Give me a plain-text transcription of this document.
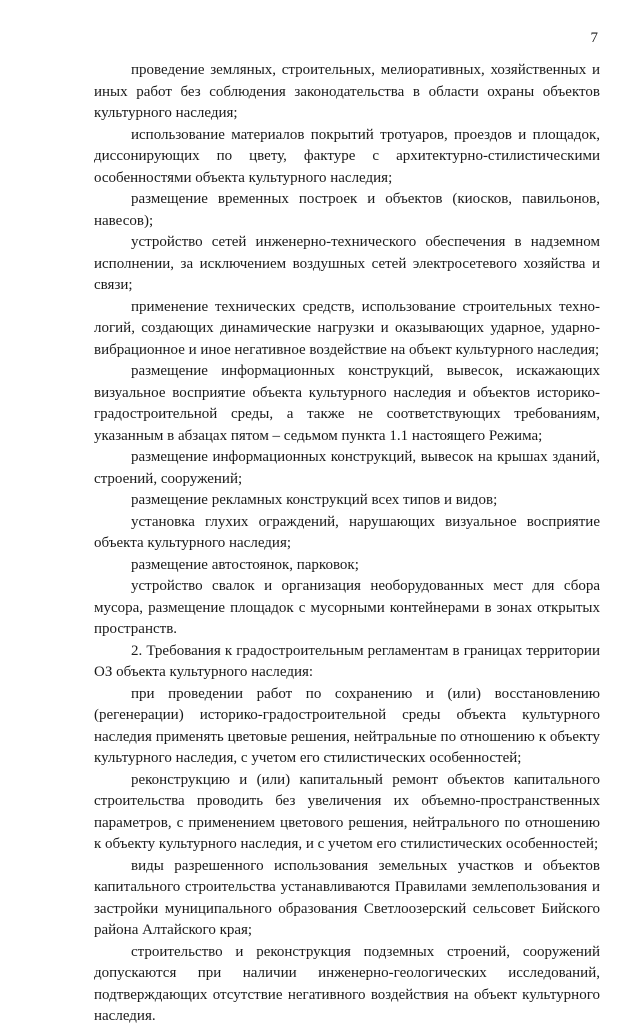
7

проведение земляных, строительных, мелиоративных, хозяйственных и иных работ без соблюдения законодательства в области охраны объектов культурного наследия;

использование материалов покрытий тротуаров, проездов и площадок, диссонирующих по цвету, фактуре с архитектурно-стилистическими особенностями объекта культурного наследия;

размещение временных построек и объектов (киосков, павильонов, навесов);

устройство сетей инженерно-технического обеспечения в надземном исполнении, за исключением воздушных сетей электросетевого хозяйства и связи;

применение технических средств, использование строительных технологий, создающих динамические нагрузки и оказывающих ударное, ударно-вибрационное и иное негативное воздействие на объект культурного наследия;

размещение информационных конструкций, вывесок, искажающих визуальное восприятие объекта культурного наследия и объектов историко-градостроительной среды, а также не соответствующих требованиям, указанным в абзацах пятом – седьмом пункта 1.1 настоящего Режима;

размещение информационных конструкций, вывесок на крышах зданий, строений, сооружений;

размещение рекламных конструкций всех типов и видов;

установка глухих ограждений, нарушающих визуальное восприятие объекта культурного наследия;

размещение автостоянок, парковок;

устройство свалок и организация необорудованных мест для сбора мусора, размещение площадок с мусорными контейнерами в зонах открытых пространств.

2. Требования к градостроительным регламентам в границах территории ОЗ объекта культурного наследия:

при проведении работ по сохранению и (или) восстановлению (регенерации) историко-градостроительной среды объекта культурного наследия применять цветовые решения, нейтральные по отношению к объекту культурного наследия, с учетом его стилистических особенностей;

реконструкцию и (или) капитальный ремонт объектов капитального строительства проводить без увеличения их объемно-пространственных параметров, с применением цветового решения, нейтрального по отношению к объекту культурного наследия, и с учетом его стилистических особенностей;

виды разрешенного использования земельных участков и объектов капитального строительства устанавливаются Правилами землепользования и застройки муниципального образования Светлоозерский сельсовет Бийского района Алтайского края;

строительство и реконструкция подземных строений, сооружений допускаются при наличии инженерно-геологических исследований, подтверждающих отсутствие негативного воздействия на объект культурного наследия.
